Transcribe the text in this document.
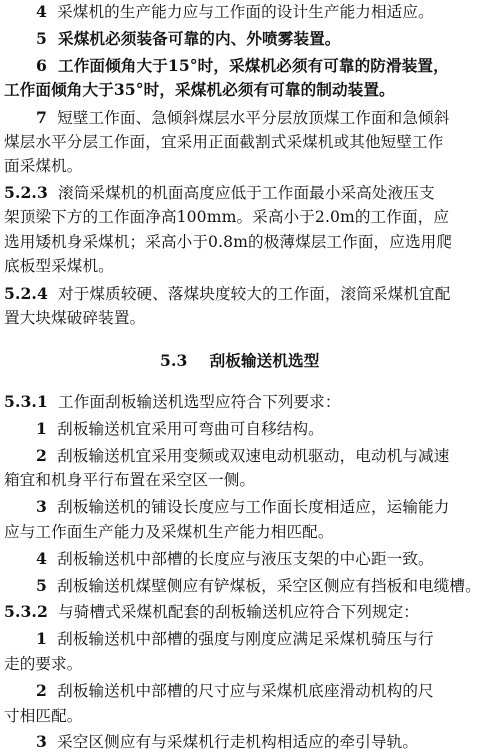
4 采煤机的生产能力应与工作面的设计生产能力相适应。
5 采煤机必须装备可靠的内、外喷雾装置。
6 工作面倾角大于15°时，采煤机必须有可靠的防滑装置，
工作面倾角大于35°时，采煤机必须有可靠的制动装置。
7 短壁工作面、急倾斜煤层水平分层放顶煤工作面和急倾斜
煤层水平分层工作面，宜采用正面截割式采煤机或其他短壁工作
面采煤机。
5.2.3 滚筒采煤机的机面高度应低于工作面最小采高处液压支
架顶梁下方的工作面净高100mm。采高小于2.0m的工作面，应
选用矮机身采煤机；采高小于0.8m的极薄煤层工作面，应选用爬
底板型采煤机。
5.2.4 对于煤质较硬、落煤块度较大的工作面，滚筒采煤机宜配
置大块煤破碎装置。
5.3 刮板输送机选型
5.3.1 工作面刮板输送机选型应符合下列要求：
1 刮板输送机宜采用可弯曲可自移结构。
2 刮板输送机宜采用变频或双速电动机驱动，电动机与减速
箱宜和机身平行布置在采空区一侧。
3 刮板输送机的铺设长度应与工作面长度相适应，运输能力
应与工作面生产能力及采煤机生产能力相匹配。
4 刮板输送机中部槽的长度应与液压支架的中心距一致。
5 刮板输送机煤壁侧应有铲煤板，采空区侧应有挡板和电缆槽。
5.3.2 与骑槽式采煤机配套的刮板输送机应符合下列规定：
1 刮板输送机中部槽的强度与刚度应满足采煤机骑压与行
走的要求。
2 刮板输送机中部槽的尺寸应与采煤机底座滑动机构的尺
寸相匹配。
3 采空区侧应有与采煤机行走机构相适应的牵引导轨。
